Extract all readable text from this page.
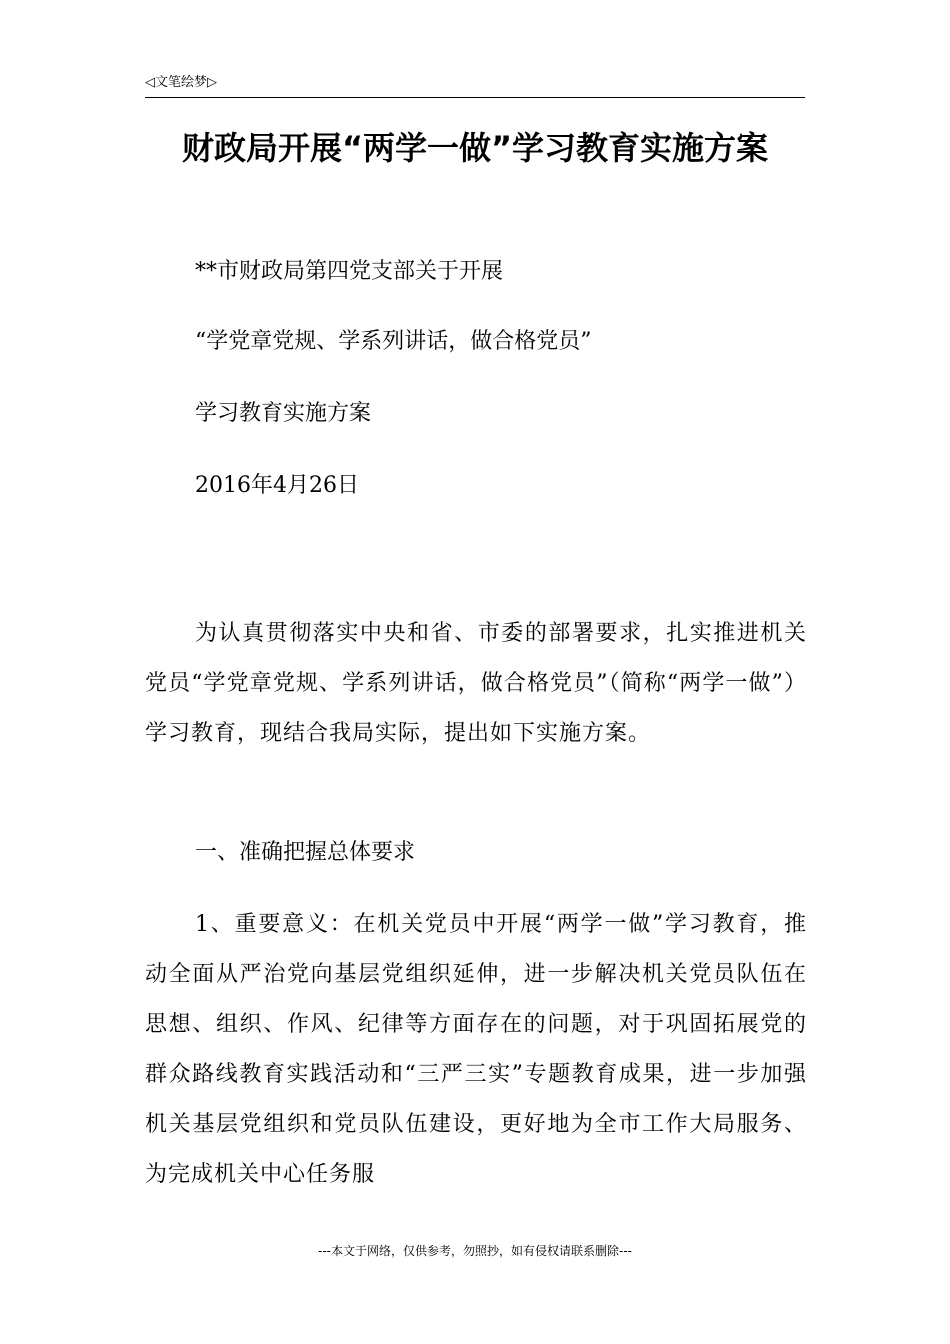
◁文笔绘梦▷
财政局开展“两学一做”学习教育实施方案
**市财政局第四党支部关于开展
“学党章党规、学系列讲话，做合格党员”
学习教育实施方案
2016年4月26日

为认真贯彻落实中央和省、市委的部署要求，扎实推进机关党员“学党章党规、学系列讲话，做合格党员”（简称“两学一做”）学习教育，现结合我局实际，提出如下实施方案。

一、准确把握总体要求

1、重要意义：在机关党员中开展“两学一做”学习教育，推动全面从严治党向基层党组织延伸，进一步解决机关党员队伍在思想、组织、作风、纪律等方面存在的问题，对于巩固拓展党的群众路线教育实践活动和“三严三实”专题教育成果，进一步加强机关基层党组织和党员队伍建设，更好地为全市工作大局服务、为完成机关中心任务服

---本文于网络，仅供参考，勿照抄，如有侵权请联系删除---
